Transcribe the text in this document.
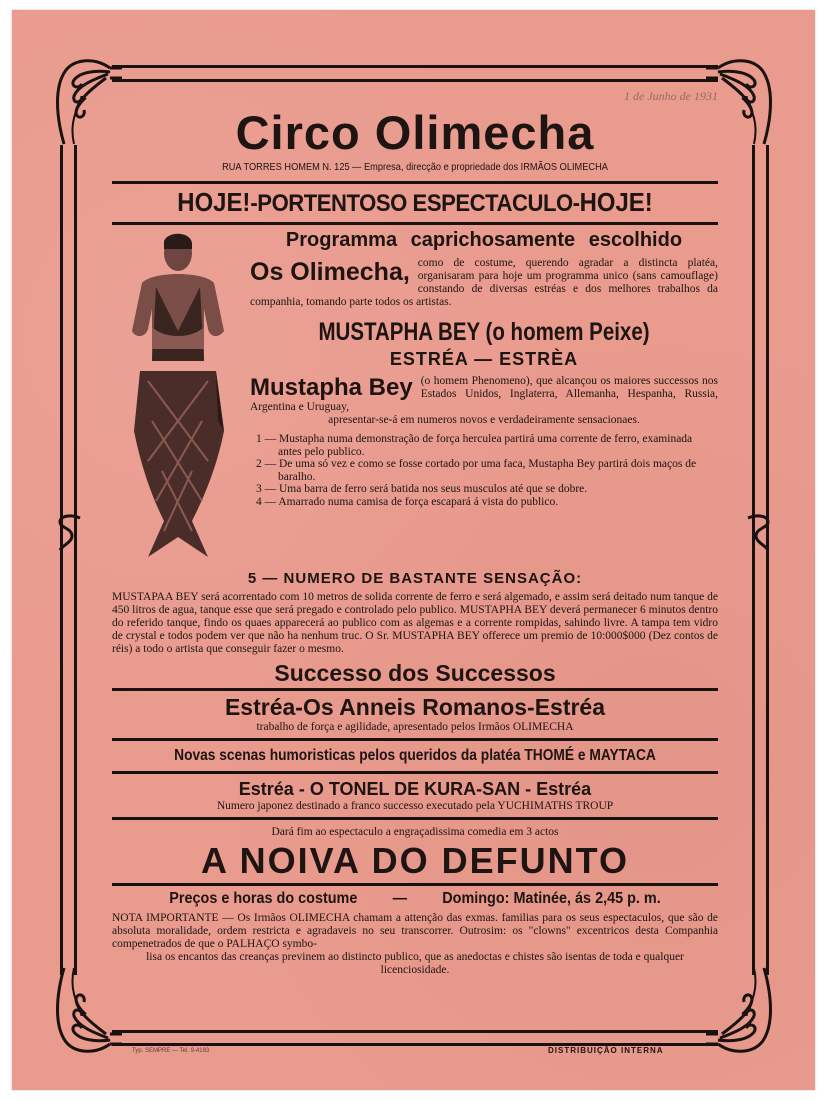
1 de Junho de 1931
Circo Olimecha
RUA TORRES HOMEM N. 125 — Empresa, direcção e propriedade dos IRMÃOS OLIMECHA
HOJE!-PORTENTOSO ESPECTACULO-HOJE!
Programma caprichosamente escolhido
Os Olimecha, como de costume, querendo agradar a distincta platéa, organisaram para hoje um programma unico (sans camouflage) constando de diversas estréas e dos melhores trabalhos da companhia, tomando parte todos os artistas.
MUSTAPHA BEY (o homem Peixe)
ESTRÉA — ESTRÈA
Mustapha Bey (o homem Phenomeno), que alcançou os maiores successos nos Estados Unidos, Inglaterra, Allemanha, Hespanha, Russia, Argentina e Uruguay,
apresentar-se-á em numeros novos e verdadeiramente sensacionaes.
1 — Mustapha numa demonstração de força herculea partirá uma corrente de ferro, examinada antes pelo publico.
2 — De uma só vez e como se fosse cortado por uma faca, Mustapha Bey partirá dois maços de baralho.
3 — Uma barra de ferro será batida nos seus musculos até que se dobre.
4 — Amarrado numa camisa de força escapará á vista do publico.
5 — NUMERO DE BASTANTE SENSAÇÃO:
MUSTAPAA BEY será acorrentado com 10 metros de solida corrente de ferro e será algemado, e assim será deitado num tanque de 450 litros de agua, tanque esse que será pregado e controlado pelo publico. MUSTAPHA BEY deverá permanecer 6 minutos dentro do referido tanque, findo os quaes apparecerá ao publico com as algemas e a corrente rompidas, sahindo livre. A tampa tem vidro de crystal e todos podem ver que não ha nenhum truc. O Sr. MUSTAPHA BEY offerece um premio de 10:000$000 (Dez contos de réis) a todo o artista que conseguir fazer o mesmo.
Successo dos Successos
Estréa-Os Anneis Romanos-Estréa
trabalho de força e agilidade, apresentado pelos Irmãos OLIMECHA
Novas scenas humoristicas pelos queridos da platéa THOMÉ e MAYTACA
Estréa - O TONEL DE KURA-SAN - Estréa
Numero japonez destinado a franco successo executado pela YUCHIMATHS TROUP
Dará fim ao espectaculo a engraçadissima comedia em 3 actos
A NOIVA DO DEFUNTO
Preços e horas do costume — Domingo: Matinée, ás 2,45 p. m.
NOTA IMPORTANTE — Os Irmãos OLIMECHA chamam a attenção das exmas. familias para os seus espectaculos, que são de absoluta moralidade, ordem restricta e agradaveis no seu transcorrer. Outrosim: os "clowns" excentricos desta Companhia compenetrados de que o PALHAÇO symbo-
lisa os encantos das creanças previnem ao distincto publico, que as anedoctas e chistes são isentas de toda e qualquer licenciosidade.
Typ. SEMPRE — Tel. 9-4183	DISTRIBUIÇÃO INTERNA
